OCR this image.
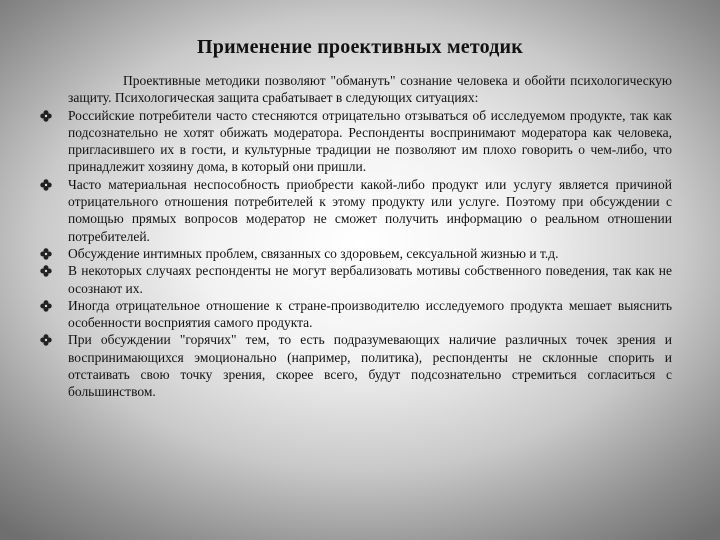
Применение проективных методик

Проективные методики позволяют "обмануть" сознание человека и обойти психологическую защиту. Психологическая защита срабатывает в следующих ситуациях:

Российские потребители часто стесняются отрицательно отзываться об исследуемом продукте, так как подсознательно не хотят обижать модератора. Респонденты воспринимают модератора как человека, пригласившего их в гости, и культурные традиции не позволяют им плохо говорить о чем-либо, что принадлежит хозяину дома, в который они пришли.
Часто материальная неспособность приобрести какой-либо продукт или услугу является причиной отрицательного отношения потребителей к этому продукту или услуге. Поэтому при обсуждении с помощью прямых вопросов модератор не сможет получить информацию о реальном отношении потребителей.
Обсуждение интимных проблем, связанных со здоровьем, сексуальной жизнью и т.д.
В некоторых случаях респонденты не могут вербализовать мотивы собственного поведения, так как не осознают их.
Иногда отрицательное отношение к стране-производителю исследуемого продукта мешает выяснить особенности восприятия самого продукта.
При обсуждении "горячих" тем, то есть подразумевающих наличие различных точек зрения и воспринимающихся эмоционально (например, политика), респонденты не склонные спорить и отстаивать свою точку зрения, скорее всего, будут подсознательно стремиться согласиться с большинством.
